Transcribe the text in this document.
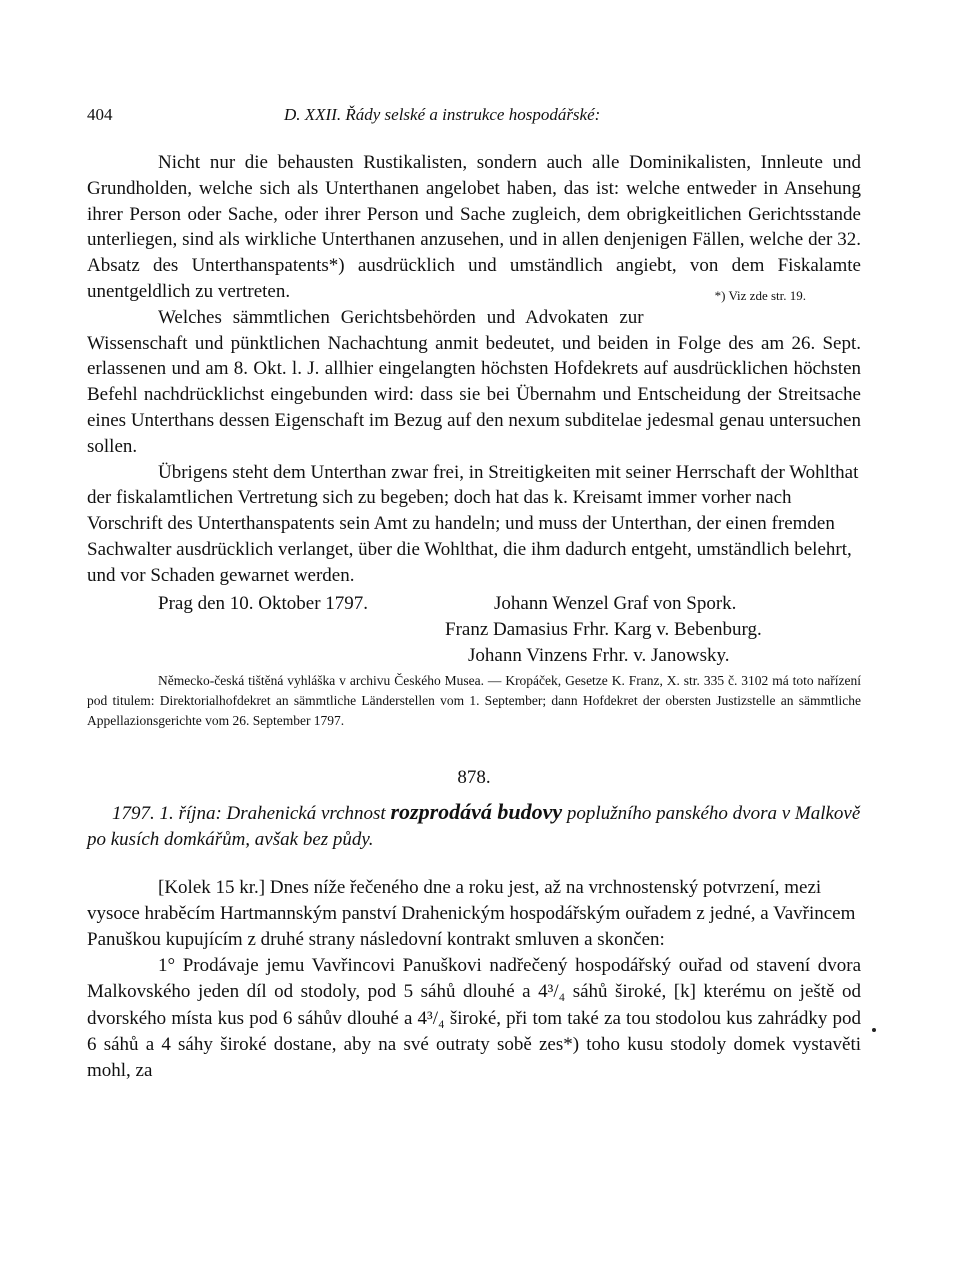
404	D. XXII. Řády selské a instrukce hospodářské:

Nicht nur die behausten Rustikalisten, sondern auch alle Dominikalisten, Innleute und Grundholden, welche sich als Unterthanen angelobet haben, das ist: welche entweder in Ansehung ihrer Person oder Sache, oder ihrer Person und Sache zugleich, dem obrigkeitlichen Gerichtsstande unterliegen, sind als wirkliche Unterthanen anzusehen, und in allen denjenigen Fällen, welche der 32. Absatz des Unterthanspatents*) ausdrücklich und umständlich angiebt, von dem Fiskalamte unentgeldlich zu vertreten.	*) Viz zde str. 19.

Welches sämmtlichen Gerichtsbehörden und Advokaten zur Wissenschaft und pünktlichen Nachachtung anmit bedeutet, und beiden in Folge des am 26. Sept. erlassenen und am 8. Okt. l. J. allhier eingelangten höchsten Hofdekrets auf ausdrücklichen höchsten Befehl nachdrücklichst eingebunden wird: dass sie bei Übernahm und Entscheidung der Streitsache eines Unterthans dessen Eigenschaft im Bezug auf den nexum subditelae jedesmal genau untersuchen sollen.

Übrigens steht dem Unterthan zwar frei, in Streitigkeiten mit seiner Herrschaft der Wohlthat der fiskalamtlichen Vertretung sich zu begeben; doch hat das k. Kreisamt immer vorher nach Vorschrift des Unterthanspatents sein Amt zu handeln; und muss der Unterthan, der einen fremden Sachwalter ausdrücklich verlanget, über die Wohlthat, die ihm dadurch entgeht, umständlich belehrt, und vor Schaden gewarnet werden.

Prag den 10. Oktober 1797.	Johann Wenzel Graf von Spork.
Franz Damasius Frhr. Karg v. Bebenburg.
Johann Vinzens Frhr. v. Janowsky.
Německo-česká tištěná vyhláška v archivu Českého Musea. — Kropáček, Gesetze K. Franz, X. str. 335 č. 3102 má toto nařízení pod titulem: Direktorialhofdekret an sämmtliche Länderstellen vom 1. September; dann Hofdekret der obersten Justizstelle an sämmtliche Appellazionsgerichte vom 26. September 1797.
878.
1797. 1. října: Drahenická vrchnost rozprodává budovy poplužního panského dvora v Malkově po kusích domkářům, avšak bez půdy.

[Kolek 15 kr.] Dnes níže řečeného dne a roku jest, až na vrchnostenský potvrzení, mezi vysoce hraběcím Hartmannským panství Drahenickým hospodářským ouřadem z jedné, a Vavřincem Panuškou kupujícím z druhé strany následovní kontrakt smluven a skončen:

1° Prodávaje jemu Vavřincovi Panuškovi nadřečený hospodářský ouřad od stavení dvora Malkovského jeden díl od stodoly, pod 5 sáhů dlouhé a 4³/₄ sáhů široké, [k] kterému on ještě od dvorského místa kus pod 6 sáhův dlouhé a 4³/₄ široké, při tom také za tou stodolou kus zahrádky pod 6 sáhů a 4 sáhy široké dostane, aby na své outraty sobě zes*) toho kusu stodoly domek vystavěti mohl, za
